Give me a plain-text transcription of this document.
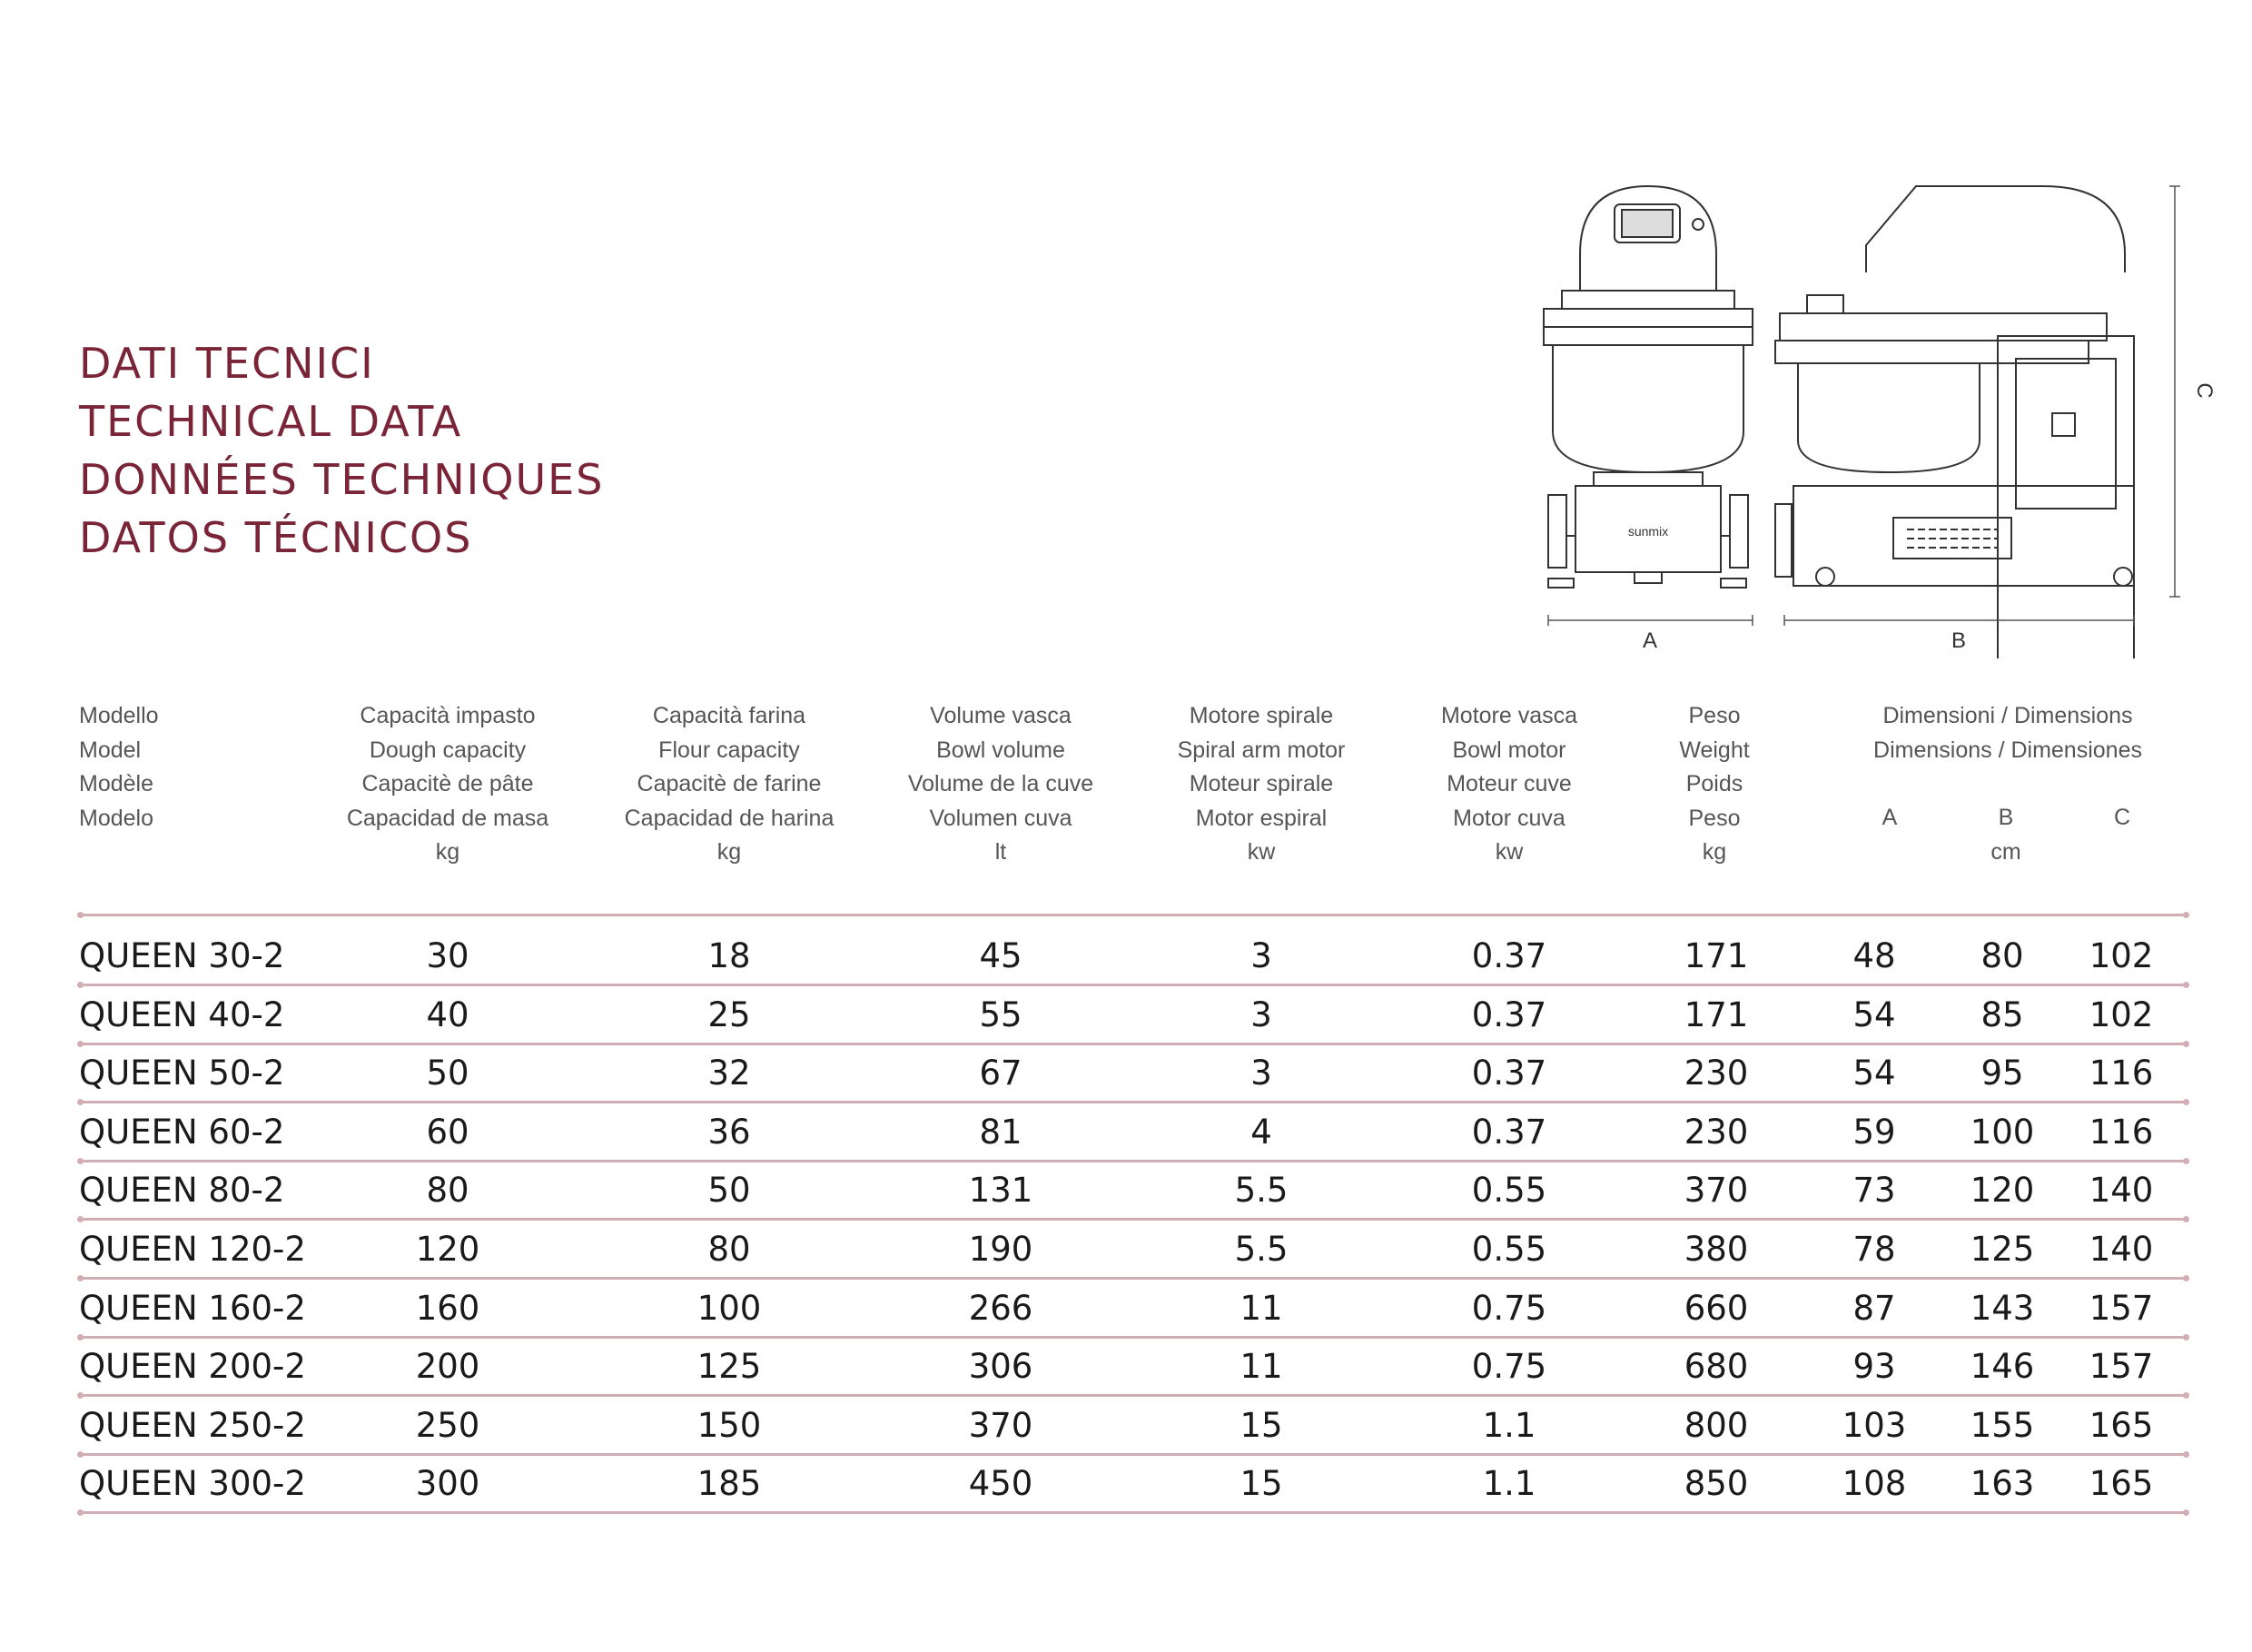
DATI TECNICI
TECHNICAL DATA
DONNÉES TECHNIQUES
DATOS TÉCNICOS
A	B
C
sunmix
Modello
Model
Modèle
Modelo
Capacità impasto
Dough capacity
Capacitè de pâte
Capacidad de masa
kg
Capacità farina
Flour capacity
Capacitè de farine
Capacidad de harina
kg
Volume vasca
Bowl volume
Volume de la cuve
Volumen cuva
lt
Motore spirale
Spiral arm motor
Moteur spirale
Motor espiral
kw
Motore vasca
Bowl motor
Moteur cuve
Motor cuva
kw
Peso
Weight
Poids
Peso
kg
Dimensioni / Dimensions
Dimensions / Dimensiones
A	B	C
cm
QUEEN 30-2	30	18	45	3	0.37	171	48	80 102
QUEEN 40-2	40	25	55	3	0.37	171	54	85 102
QUEEN 50-2	50	32	67	3	0.37	230	54	95 116
QUEEN 60-2	60	36	81	4	0.37	230	59 100 116
QUEEN 80-2	80	50	131	5.5	0.55	370	73 120 140
QUEEN 120-2	120	80	190	5.5	0.55	380	78 125 140
QUEEN 160-2	160	100	266	11	0.75	660	87 143 157
QUEEN 200-2	200	125	306	11	0.75	680	93 146 157
QUEEN 250-2	250	150	370	15	1.1	800	103 155 165
QUEEN 300-2	300	185	450	15	1.1	850	108 163 165
